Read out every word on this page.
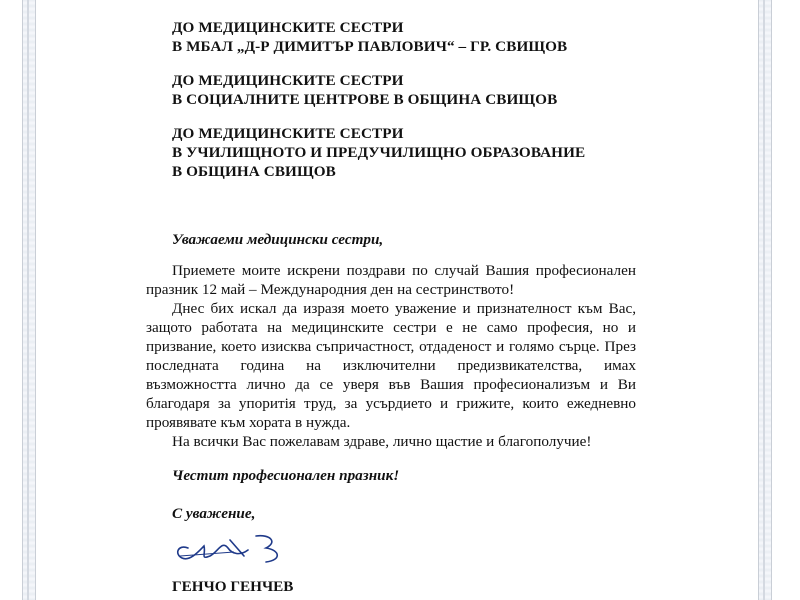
ДО МЕДИЦИНСКИТЕ СЕСТРИ
В МБАЛ „Д-Р ДИМИТЪР ПАВЛОВИЧ“ – ГР. СВИЩОВ
ДО МЕДИЦИНСКИТЕ СЕСТРИ
В СОЦИАЛНИТЕ ЦЕНТРОВЕ В ОБЩИНА СВИЩОВ
ДО МЕДИЦИНСКИТЕ СЕСТРИ
В УЧИЛИЩНОТО И ПРЕДУЧИЛИЩНО ОБРАЗОВАНИЕ
В ОБЩИНА СВИЩОВ
Уважаеми медицински сестри,

Приемете моите искрени поздрави по случай Вашия професионален празник 12 май – Международния ден на сестринството!

Днес бих искал да изразя моето уважение и признателност към Вас, защото работата на медицинските сестри е не само професия, но и призвание, което изисква съпричастност, отдаденост и голямо сърце. През последната година на изключителни предизвикателства, имах възможността лично да се уверя във Вашия професионализъм и Ви благодаря за упоритія труд, за усърдието и грижите, които ежедневно проявявате към хората в нужда.

На всички Вас пожелавам здраве, лично щастие и благополучие!

Честит професионален празник!
С уважение,
ГЕНЧО ГЕНЧЕВ
